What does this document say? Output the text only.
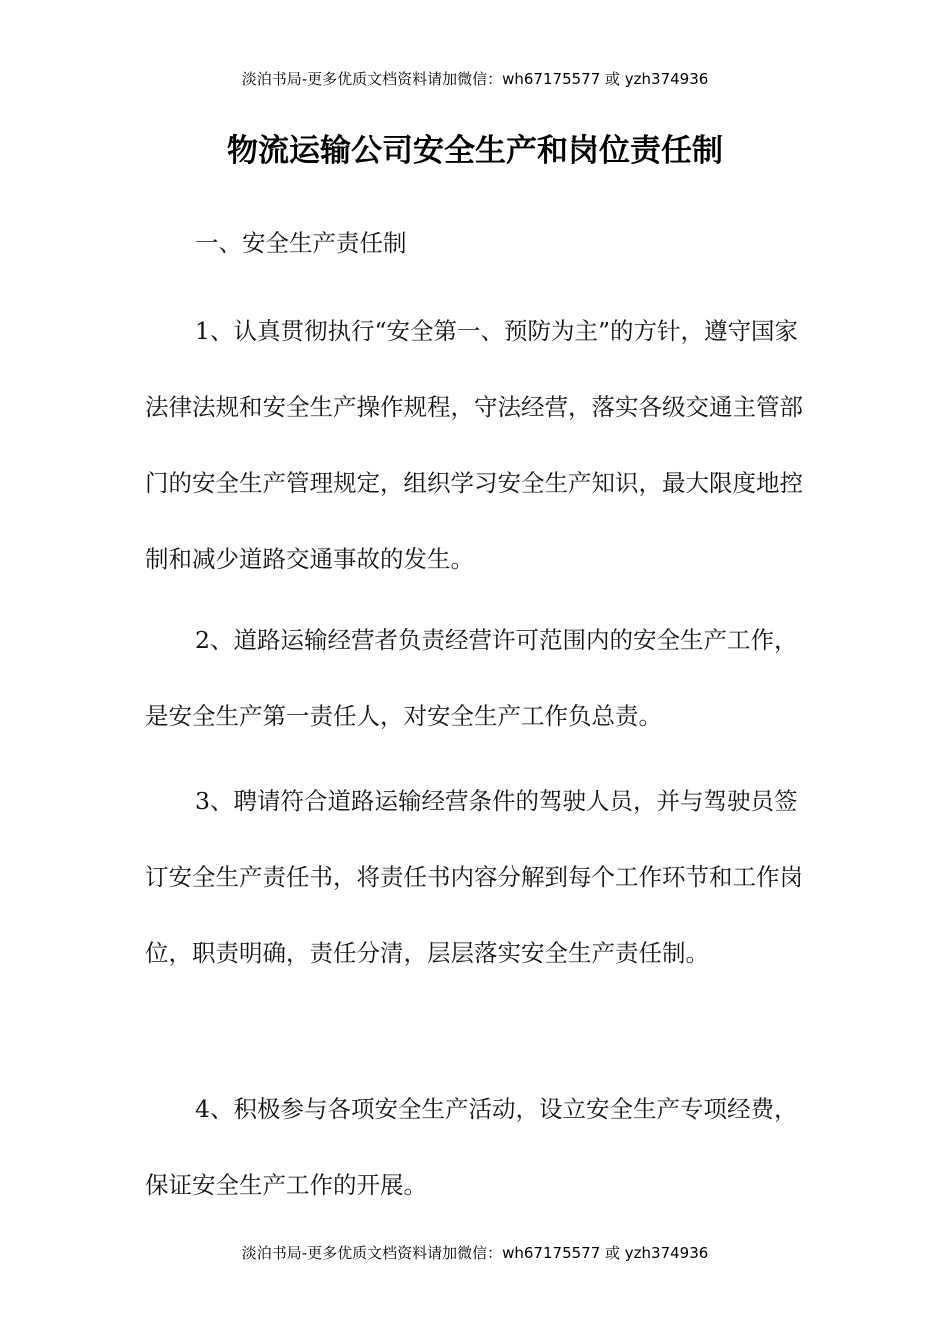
淡泊书局-更多优质文档资料请加微信：wh67175577 或 yzh374936
物流运输公司安全生产和岗位责任制

一、安全生产责任制

1、认真贯彻执行“安全第一、预防为主”的方针，遵守国家法律法规和安全生产操作规程，守法经营，落实各级交通主管部门的安全生产管理规定，组织学习安全生产知识，最大限度地控制和减少道路交通事故的发生。

2、道路运输经营者负责经营许可范围内的安全生产工作，是安全生产第一责任人，对安全生产工作负总责。

3、聘请符合道路运输经营条件的驾驶人员，并与驾驶员签订安全生产责任书，将责任书内容分解到每个工作环节和工作岗位，职责明确，责任分清，层层落实安全生产责任制。

4、积极参与各项安全生产活动，设立安全生产专项经费，保证安全生产工作的开展。

淡泊书局-更多优质文档资料请加微信：wh67175577 或 yzh374936
